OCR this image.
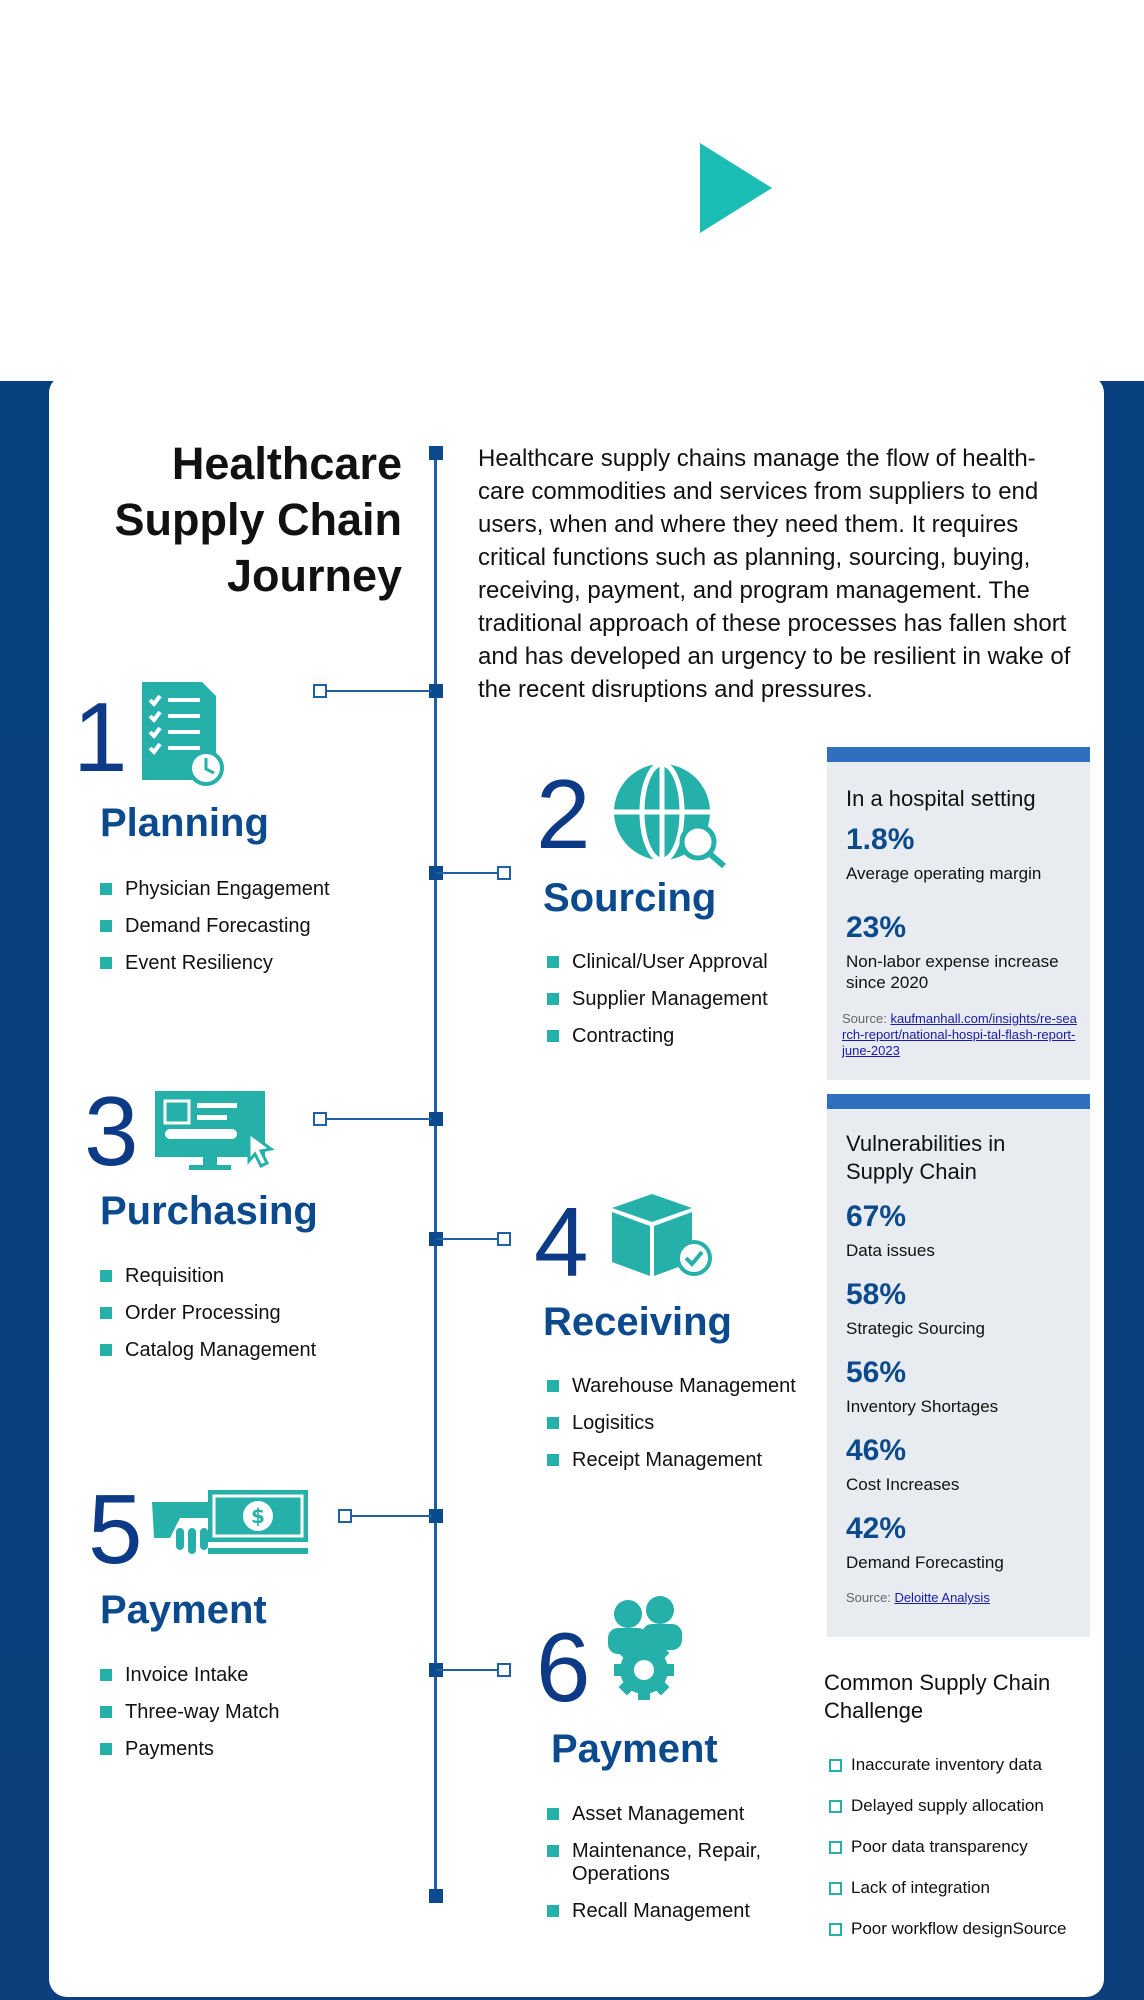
Healthcare Supply Chain Journey
Healthcare supply chains manage the flow of health-care commodities and services from suppliers to end users, when and where they need them. It requires critical functions such as planning, sourcing, buying, receiving, payment, and program management. The traditional approach of these processes has fallen short and has developed an urgency to be resilient in wake of the recent disruptions and pressures.
1
Planning
Physician Engagement
Demand Forecasting
Event Resiliency
2
Sourcing
Clinical/User Approval
Supplier Management
Contracting
3
Purchasing
Requisition
Order Processing
Catalog Management
4
Receiving
Warehouse Management
Logisitics
Receipt Management
5	$
Payment
Invoice Intake
Three-way Match
Payments
6
Payment
Asset Management
Maintenance, Repair, Operations
Recall Management
In a hospital setting
1.8%
Average operating margin
23%
Non-labor expense increase since 2020
Source: kaufmanhall.com/insights/re-search-report/national-hospi-tal-flash-report-june-2023
Vulnerabilities in Supply Chain
67%
Data issues
58%
Strategic Sourcing
56%
Inventory Shortages
46%
Cost Increases
42%
Demand Forecasting
Source: Deloitte Analysis
Common Supply Chain Challenge
Inaccurate inventory data
Delayed supply allocation
Poor data transparency
Lack of integration
Poor workflow designSource
